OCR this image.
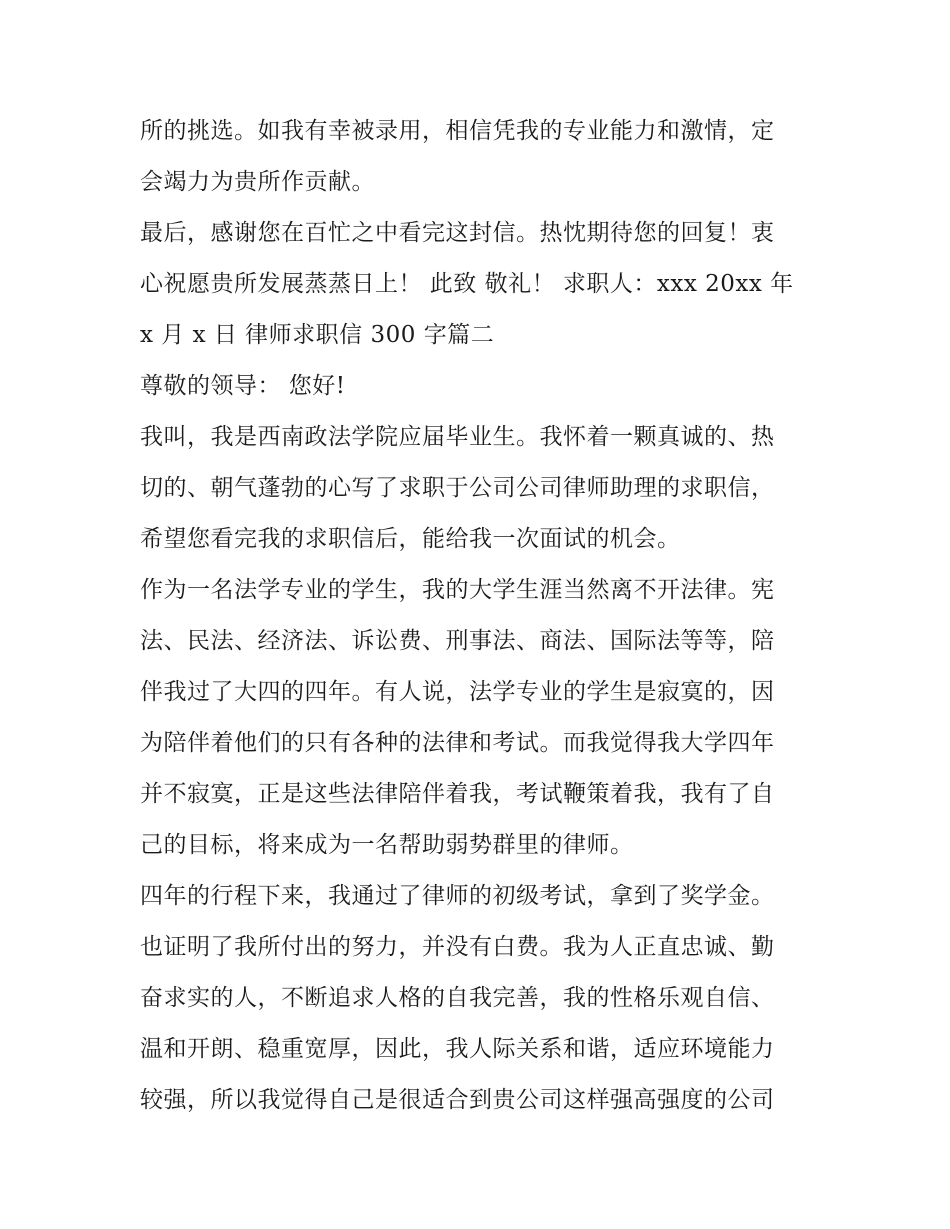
所的挑选。如我有幸被录用，相信凭我的专业能力和激情，定
会竭力为贵所作贡献。
最后，感谢您在百忙之中看完这封信。热忱期待您的回复！衷
心祝愿贵所发展蒸蒸日上！ 此致 敬礼！ 求职人：xxx 20xx 年
x 月 x 日 律师求职信 300 字篇二
尊敬的领导： 您好!
我叫，我是西南政法学院应届毕业生。我怀着一颗真诚的、热
切的、朝气蓬勃的心写了求职于公司公司律师助理的求职信，
希望您看完我的求职信后，能给我一次面试的机会。
作为一名法学专业的学生，我的大学生涯当然离不开法律。宪
法、民法、经济法、诉讼费、刑事法、商法、国际法等等，陪
伴我过了大四的四年。有人说，法学专业的学生是寂寞的，因
为陪伴着他们的只有各种的法律和考试。而我觉得我大学四年
并不寂寞，正是这些法律陪伴着我，考试鞭策着我，我有了自
己的目标，将来成为一名帮助弱势群里的律师。
四年的行程下来，我通过了律师的初级考试，拿到了奖学金。
也证明了我所付出的努力，并没有白费。我为人正直忠诚、勤
奋求实的人，不断追求人格的自我完善，我的性格乐观自信、
温和开朗、稳重宽厚，因此，我人际关系和谐，适应环境能力
较强，所以我觉得自己是很适合到贵公司这样强高强度的公司
